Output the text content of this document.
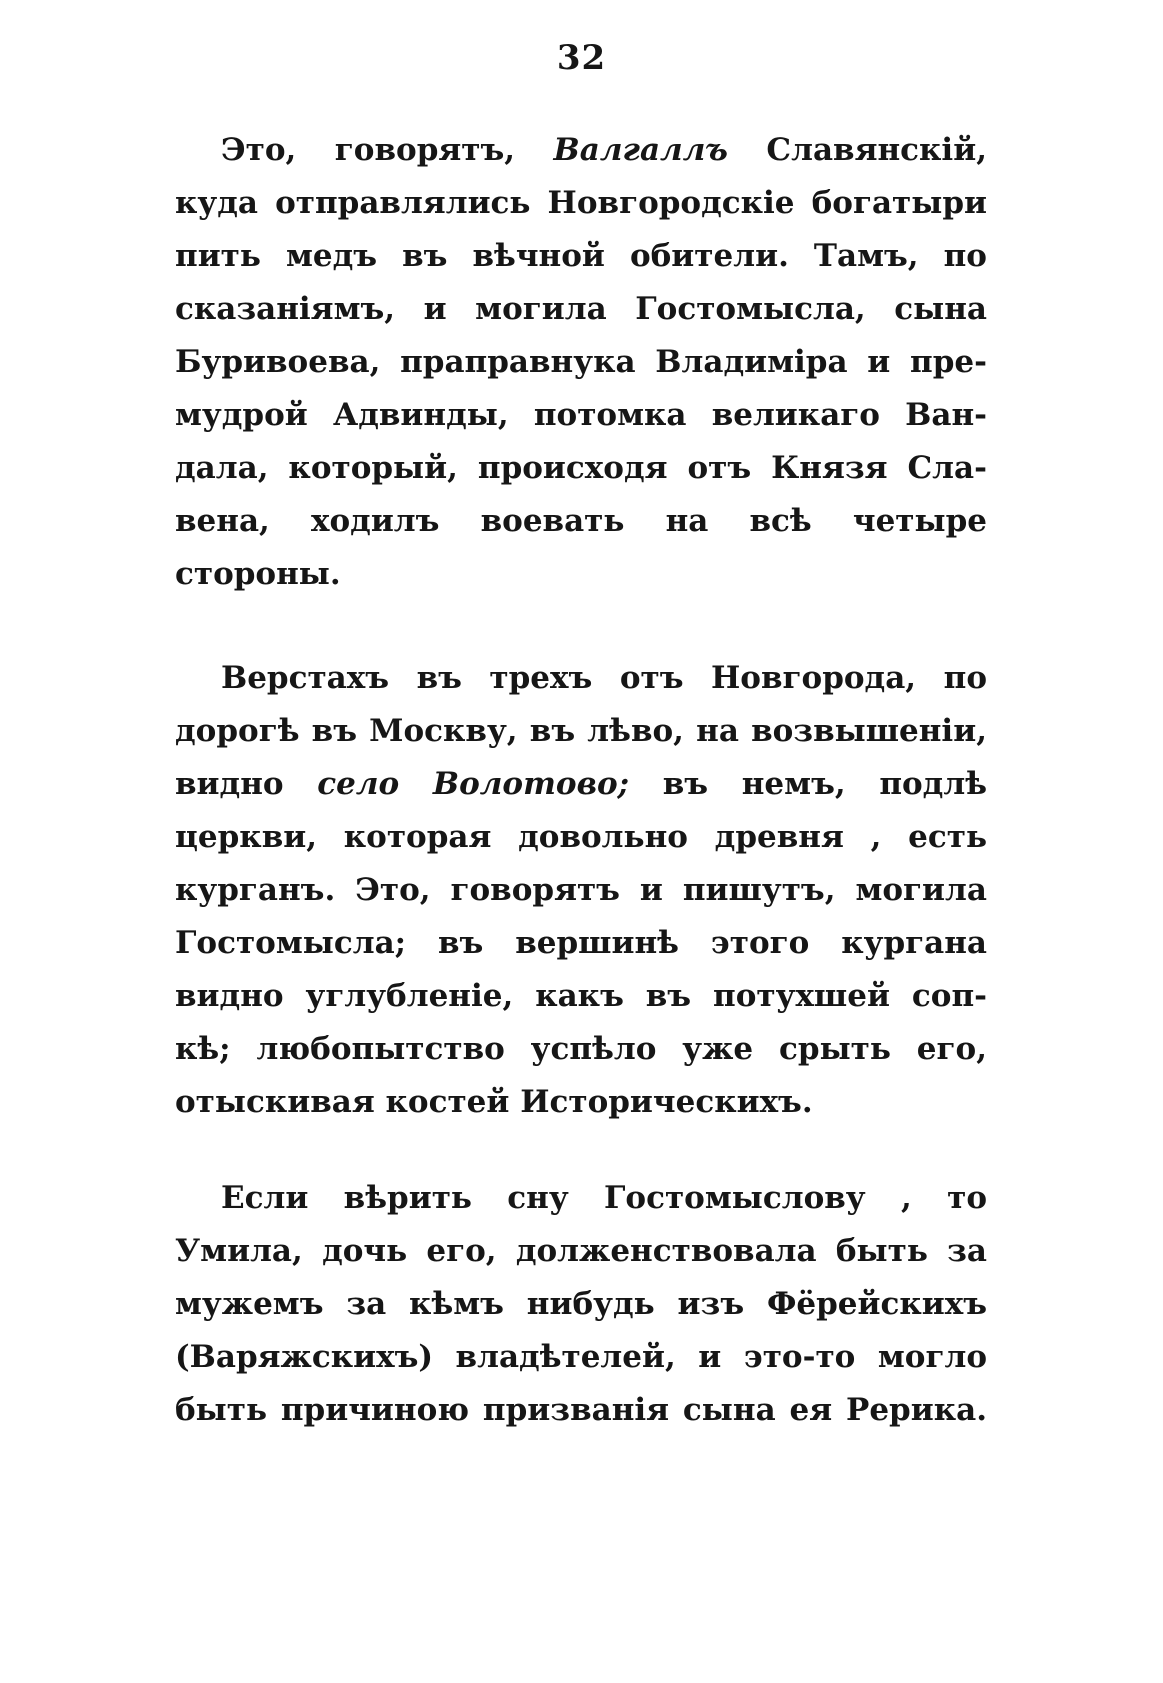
32
Это, говорятъ, Валгаллъ Славянскій,
куда отправлялись Новгородскіе богатыри
пить медъ въ вѣчной обители. Тамъ, по
сказаніямъ, и могила Гостомысла, сына
Буривоева, праправнука Владиміра и пре-
мудрой Адвинды, потомка великаго Ван-
дала, который, происходя отъ Князя Сла-
вена, ходилъ воевать на всѣ четыре
стороны.
Верстахъ въ трехъ отъ Новгорода, по
дорогѣ въ Москву, въ лѣво, на возвышеніи,
видно село Волотово; въ немъ, подлѣ
церкви, которая довольно древня , есть
курганъ. Это, говорятъ и пишутъ, могила
Гостомысла; въ вершинѣ этого кургана
видно углубленіе, какъ въ потухшей соп-
кѣ; любопытство успѣло уже срыть его,
отыскивая костей Историческихъ.
Если вѣрить сну Гостомыслову , то
Умила, дочь его, долженствовала быть за
мужемъ за кѣмъ нибудь изъ Фёрейскихъ
(Варяжскихъ) владѣтелей, и это-то могло
быть причиною призванія сына ея Рерика.
